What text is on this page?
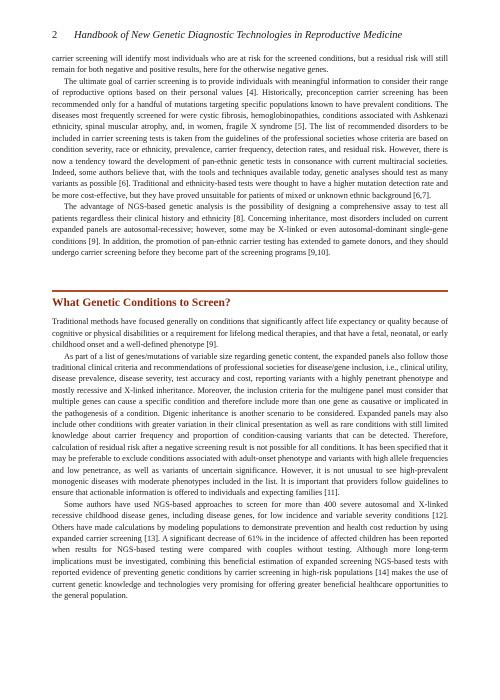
2	Handbook of New Genetic Diagnostic Technologies in Reproductive Medicine

carrier screening will identify most individuals who are at risk for the screened conditions, but a residual risk will still remain for both negative and positive results, here for the otherwise negative genes.

The ultimate goal of carrier screening is to provide individuals with meaningful information to consider their range of reproductive options based on their personal values [4]. Historically, preconception carrier screening has been recommended only for a handful of mutations targeting specific populations known to have prevalent conditions. The diseases most frequently screened for were cystic fibrosis, hemoglobinopathies, conditions associated with Ashkenazi ethnicity, spinal muscular atrophy, and, in women, fragile X syndrome [5]. The list of recommended disorders to be included in carrier screening tests is taken from the guidelines of the professional societies whose criteria are based on condition severity, race or ethnicity, prevalence, carrier frequency, detection rates, and residual risk. However, there is now a tendency toward the development of pan-ethnic genetic tests in consonance with current multiracial societies. Indeed, some authors believe that, with the tools and techniques available today, genetic analyses should test as many variants as possible [6]. Traditional and ethnicity-based tests were thought to have a higher mutation detection rate and be more cost-effective, but they have proved unsuitable for patients of mixed or unknown ethnic background [6,7].

The advantage of NGS-based genetic analysis is the possibility of designing a comprehensive assay to test all patients regardless their clinical history and ethnicity [8]. Concerning inheritance, most disorders included on current expanded panels are autosomal-recessive; however, some may be X-linked or even autosomal-dominant single-gene conditions [9]. In addition, the promotion of pan-ethnic carrier testing has extended to gamete donors, and they should undergo carrier screening before they become part of the screening programs [9,10].

What Genetic Conditions to Screen?

Traditional methods have focused generally on conditions that significantly affect life expectancy or quality because of cognitive or physical disabilities or a requirement for lifelong medical therapies, and that have a fetal, neonatal, or early childhood onset and a well-defined phenotype [9].

As part of a list of genes/mutations of variable size regarding genetic content, the expanded panels also follow those traditional clinical criteria and recommendations of professional societies for disease/gene inclusion, i.e., clinical utility, disease prevalence, disease severity, test accuracy and cost, reporting variants with a highly penetrant phenotype and mostly recessive and X-linked inheritance. Moreover, the inclusion criteria for the multigene panel must consider that multiple genes can cause a specific condition and therefore include more than one gene as causative or implicated in the pathogenesis of a condition. Digenic inheritance is another scenario to be considered. Expanded panels may also include other conditions with greater variation in their clinical presentation as well as rare conditions with still limited knowledge about carrier frequency and proportion of condition-causing variants that can be detected. Therefore, calculation of residual risk after a negative screening result is not possible for all conditions. It has been specified that it may be preferable to exclude conditions associated with adult-onset phenotype and variants with high allele frequencies and low penetrance, as well as variants of uncertain significance. However, it is not unusual to see high-prevalent monogenic diseases with moderate phenotypes included in the list. It is important that providers follow guidelines to ensure that actionable information is offered to individuals and expecting families [11].

Some authors have used NGS-based approaches to screen for more than 400 severe autosomal and X-linked recessive childhood disease genes, including disease genes, for low incidence and variable severity conditions [12]. Others have made calculations by modeling populations to demonstrate prevention and health cost reduction by using expanded carrier screening [13]. A significant decrease of 61% in the incidence of affected children has been reported when results for NGS-based testing were compared with couples without testing. Although more long-term implications must be investigated, combining this beneficial estimation of expanded screening NGS-based tests with reported evidence of preventing genetic conditions by carrier screening in high-risk populations [14] makes the use of current genetic knowledge and technologies very promising for offering greater beneficial healthcare opportunities to the general population.
